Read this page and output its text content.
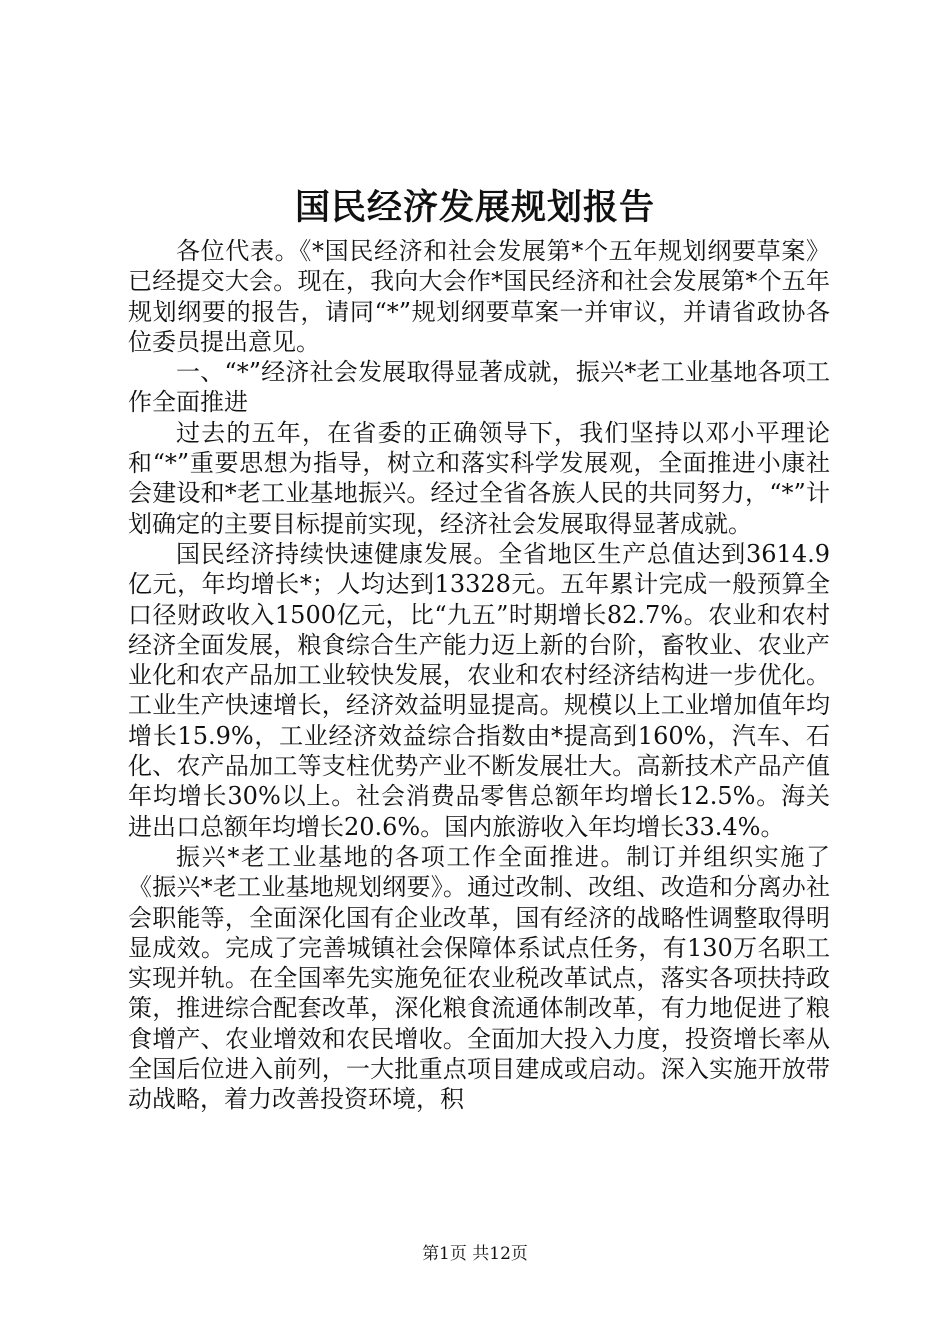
国民经济发展规划报告

各位代表。《*国民经济和社会发展第*个五年规划纲要草案》已经提交大会。现在，我向大会作*国民经济和社会发展第*个五年规划纲要的报告，请同“*”规划纲要草案一并审议，并请省政协各位委员提出意见。

一、“*”经济社会发展取得显著成就，振兴*老工业基地各项工作全面推进

过去的五年，在省委的正确领导下，我们坚持以邓小平理论和“*”重要思想为指导，树立和落实科学发展观，全面推进小康社会建设和*老工业基地振兴。经过全省各族人民的共同努力，“*”计划确定的主要目标提前实现，经济社会发展取得显著成就。

国民经济持续快速健康发展。全省地区生产总值达到3614.9亿元，年均增长*；人均达到13328元。五年累计完成一般预算全口径财政收入1500亿元，比“九五”时期增长82.7%。农业和农村经济全面发展，粮食综合生产能力迈上新的台阶，畜牧业、农业产业化和农产品加工业较快发展，农业和农村经济结构进一步优化。工业生产快速增长，经济效益明显提高。规模以上工业增加值年均增长15.9%，工业经济效益综合指数由*提高到160%，汽车、石化、农产品加工等支柱优势产业不断发展壮大。高新技术产品产值年均增长30%以上。社会消费品零售总额年均增长12.5%。海关进出口总额年均增长20.6%。国内旅游收入年均增长33.4%。

振兴*老工业基地的各项工作全面推进。制订并组织实施了《振兴*老工业基地规划纲要》。通过改制、改组、改造和分离办社会职能等，全面深化国有企业改革，国有经济的战略性调整取得明显成效。完成了完善城镇社会保障体系试点任务，有130万名职工实现并轨。在全国率先实施免征农业税改革试点，落实各项扶持政策，推进综合配套改革，深化粮食流通体制改革，有力地促进了粮食增产、农业增效和农民增收。全面加大投入力度，投资增长率从全国后位进入前列，一大批重点项目建成或启动。深入实施开放带动战略，着力改善投资环境，积

第1页 共12页
